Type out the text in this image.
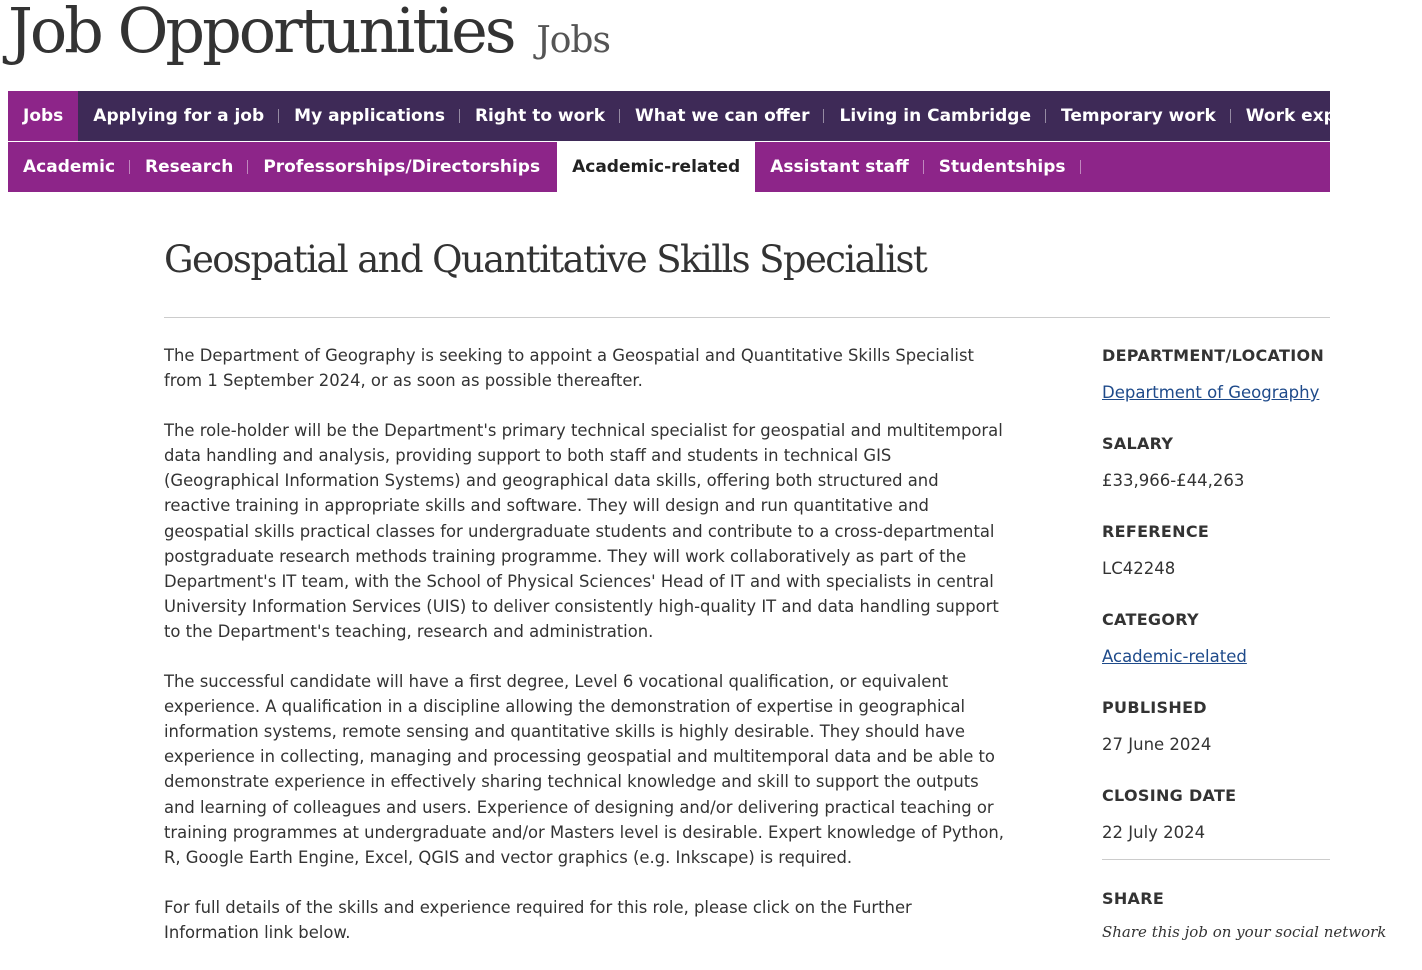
Job Opportunities Jobs
Jobs	Applying for a job	My applications	Right to work	What we can offer	Living in Cambridge	Temporary work	Work experience
Academic	Research	Professorships/Directorships	Academic-related	Assistant staff	Studentships
Geospatial and Quantitative Skills Specialist

The Department of Geography is seeking to appoint a Geospatial and Quantitative Skills Specialist from 1 September 2024, or as soon as possible thereafter.

The role-holder will be the Department's primary technical specialist for geospatial and multitemporal data handling and analysis, providing support to both staff and students in technical GIS (Geographical Information Systems) and geographical data skills, offering both structured and reactive training in appropriate skills and software. They will design and run quantitative and geospatial skills practical classes for undergraduate students and contribute to a cross-departmental postgraduate research methods training programme. They will work collaboratively as part of the Department's IT team, with the School of Physical Sciences' Head of IT and with specialists in central University Information Services (UIS) to deliver consistently high-quality IT and data handling support to the Department's teaching, research and administration.

The successful candidate will have a first degree, Level 6 vocational qualification, or equivalent experience. A qualification in a discipline allowing the demonstration of expertise in geographical information systems, remote sensing and quantitative skills is highly desirable. They should have experience in collecting, managing and processing geospatial and multitemporal data and be able to demonstrate experience in effectively sharing technical knowledge and skill to support the outputs and learning of colleagues and users. Experience of designing and/or delivering practical teaching or training programmes at undergraduate and/or Masters level is desirable. Expert knowledge of Python, R, Google Earth Engine, Excel, QGIS and vector graphics (e.g. Inkscape) is required.

For full details of the skills and experience required for this role, please click on the Further Information link below.

DEPARTMENT/LOCATION
Department of Geography
SALARY
£33,966-£44,263
REFERENCE
LC42248
CATEGORY
Academic-related
PUBLISHED
27 June 2024
CLOSING DATE
22 July 2024
SHARE
Share this job on your social network
